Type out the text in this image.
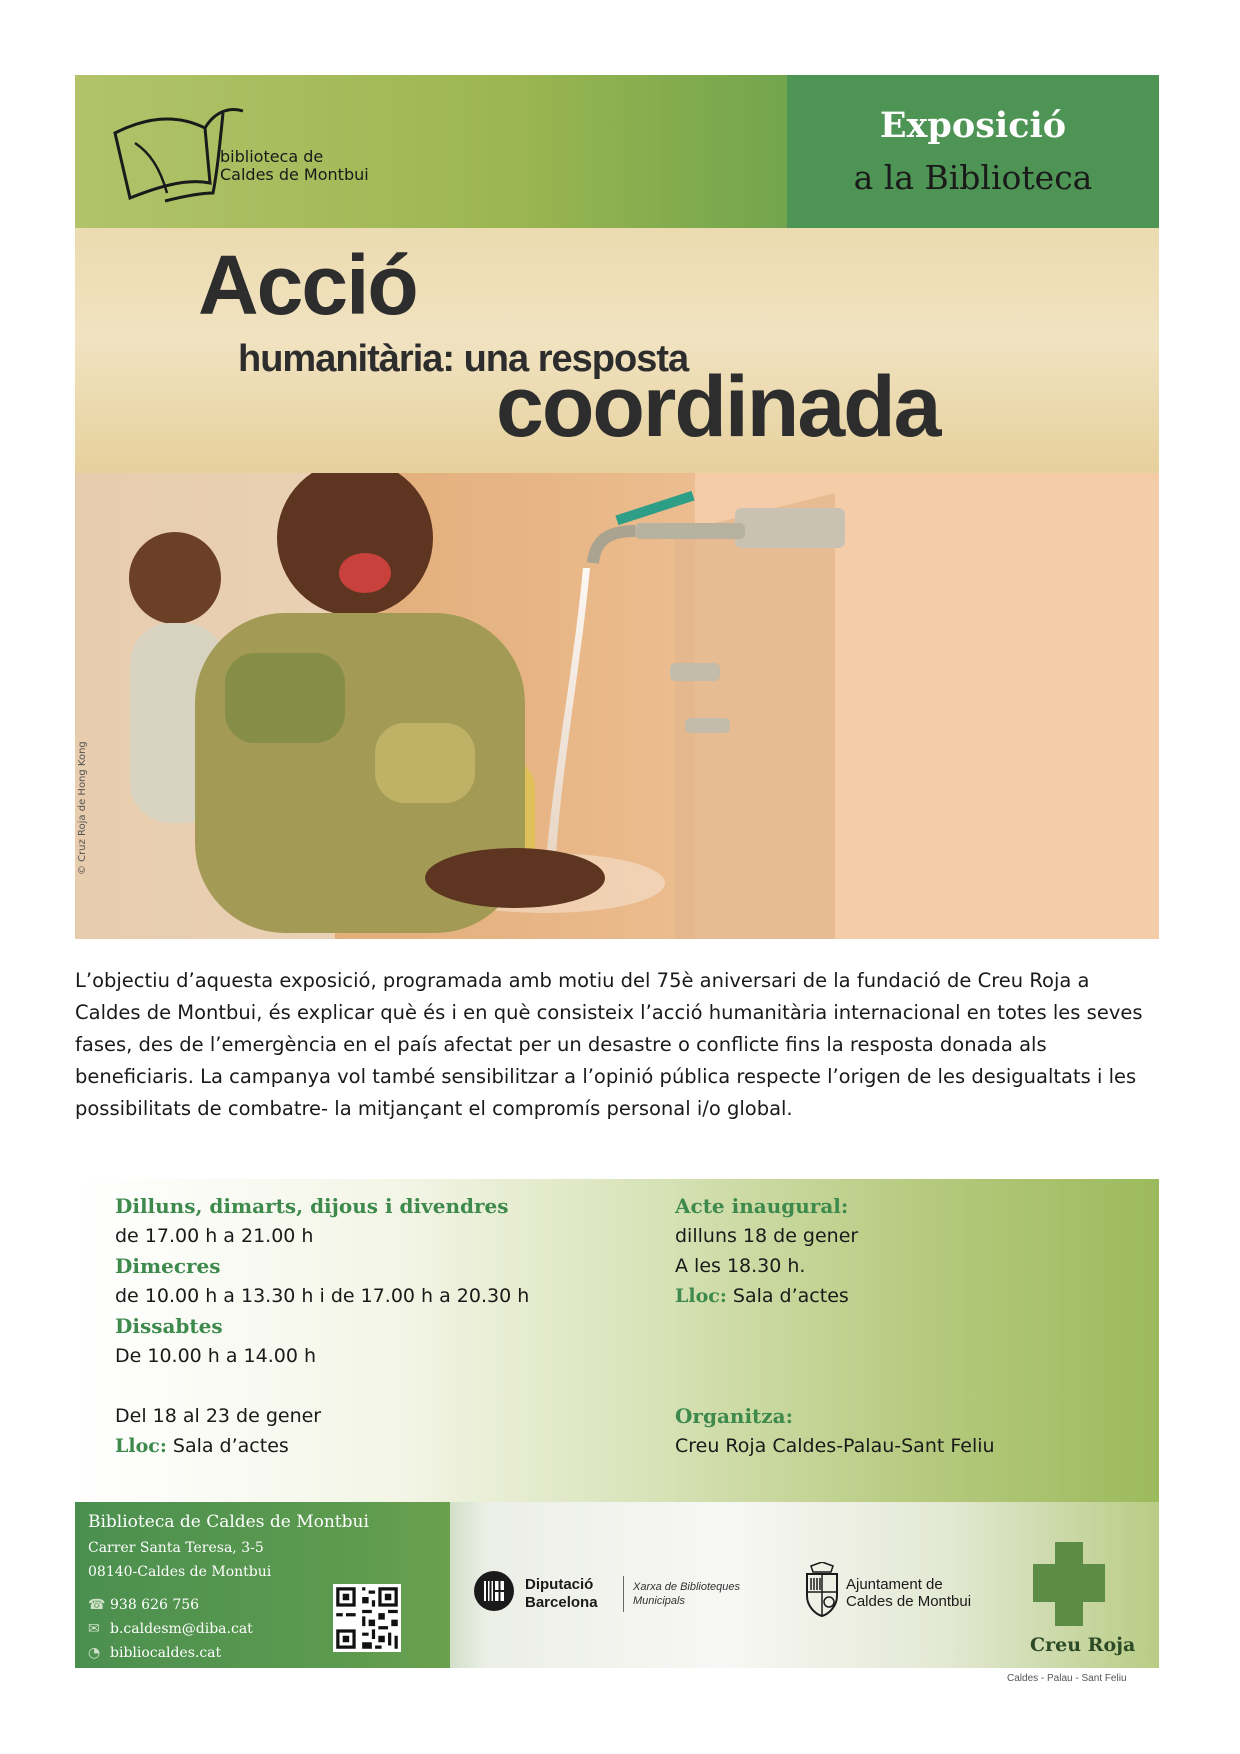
biblioteca de
Caldes de Montbui
Exposició
a la Biblioteca
Acció
humanitària: una resposta
coordinada
© Cruz Roja de Hong Kong
L’objectiu d’aquesta exposició, programada amb motiu del 75è aniversari de la fundació de Creu Roja a Caldes de Montbui, és explicar què és i en què consisteix l’acció humanitària internacional en totes les seves fases, des de l’emergència en el país afectat per un desastre o conflicte fins la resposta donada als beneficiaris. La campanya vol també sensibilitzar a l’opinió pública respecte l’origen de les desigualtats i les possibilitats de combatre- la mitjançant el compromís personal i/o global.
Dilluns, dimarts, dijous i divendres
de 17.00 h a 21.00 h
Dimecres
de 10.00 h a 13.30 h i de 17.00 h a 20.30 h
Dissabtes
De 10.00 h a 14.00 h
Del 18 al 23 de gener
Lloc: Sala d’actes
Acte inaugural:
dilluns 18 de gener
A les 18.30 h.
Lloc: Sala d’actes
Organitza:
Creu Roja Caldes-Palau-Sant Feliu
Biblioteca de Caldes de Montbui
Carrer Santa Teresa, 3-5
08140-Caldes de Montbui
☎ 938 626 756
✉ b.caldesm@diba.cat
◔ bibliocaldes.cat
Diputació
Barcelona
Xarxa de Biblioteques
Municipals
Ajuntament de
Caldes de Montbui
Creu Roja
Caldes - Palau - Sant Feliu
